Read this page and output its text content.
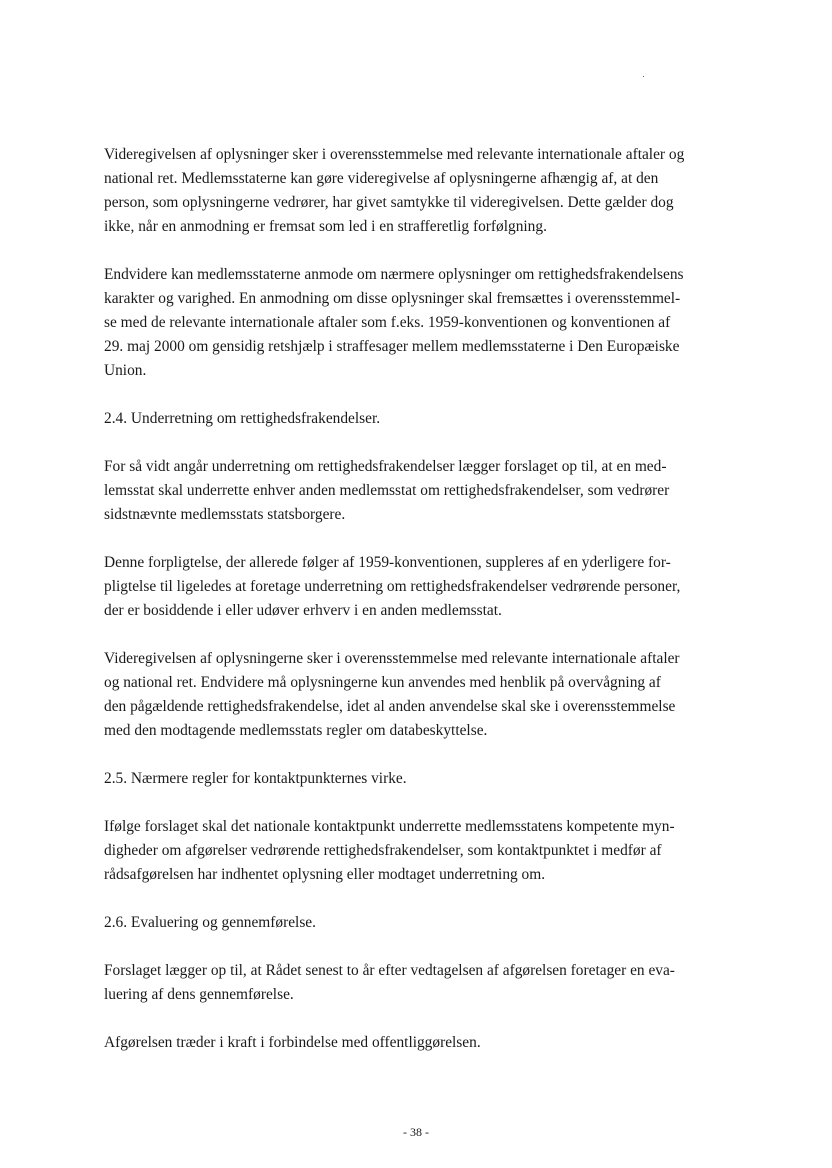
Videregivelsen af oplysninger sker i overensstemmelse med relevante internationale aftaler og
national ret. Medlemsstaterne kan gøre videregivelse af oplysningerne afhængig af, at den
person, som oplysningerne vedrører, har givet samtykke til videregivelsen. Dette gælder dog
ikke, når en anmodning er fremsat som led i en strafferetlig forfølgning.
Endvidere kan medlemsstaterne anmode om nærmere oplysninger om rettighedsfrakendelsens
karakter og varighed. En anmodning om disse oplysninger skal fremsættes i overensstemmel-
se med de relevante internationale aftaler som f.eks. 1959-konventionen og konventionen af
29. maj 2000 om gensidig retshjælp i straffesager mellem medlemsstaterne i Den Europæiske
Union.
2.4. Underretning om rettighedsfrakendelser.
For så vidt angår underretning om rettighedsfrakendelser lægger forslaget op til, at en med-
lemsstat skal underrette enhver anden medlemsstat om rettighedsfrakendelser, som vedrører
sidstnævnte medlemsstats statsborgere.
Denne forpligtelse, der allerede følger af 1959-konventionen, suppleres af en yderligere for-
pligtelse til ligeledes at foretage underretning om rettighedsfrakendelser vedrørende personer,
der er bosiddende i eller udøver erhverv i en anden medlemsstat.
Videregivelsen af oplysningerne sker i overensstemmelse med relevante internationale aftaler
og national ret. Endvidere må oplysningerne kun anvendes med henblik på overvågning af
den pågældende rettighedsfrakendelse, idet al anden anvendelse skal ske i overensstemmelse
med den modtagende medlemsstats regler om databeskyttelse.
2.5. Nærmere regler for kontaktpunkternes virke.
Ifølge forslaget skal det nationale kontaktpunkt underrette medlemsstatens kompetente myn-
digheder om afgørelser vedrørende rettighedsfrakendelser, som kontaktpunktet i medfør af
rådsafgørelsen har indhentet oplysning eller modtaget underretning om.
2.6. Evaluering og gennemførelse.
Forslaget lægger op til, at Rådet senest to år efter vedtagelsen af afgørelsen foretager en eva-
luering af dens gennemførelse.
Afgørelsen træder i kraft i forbindelse med offentliggørelsen.
- 38 -
